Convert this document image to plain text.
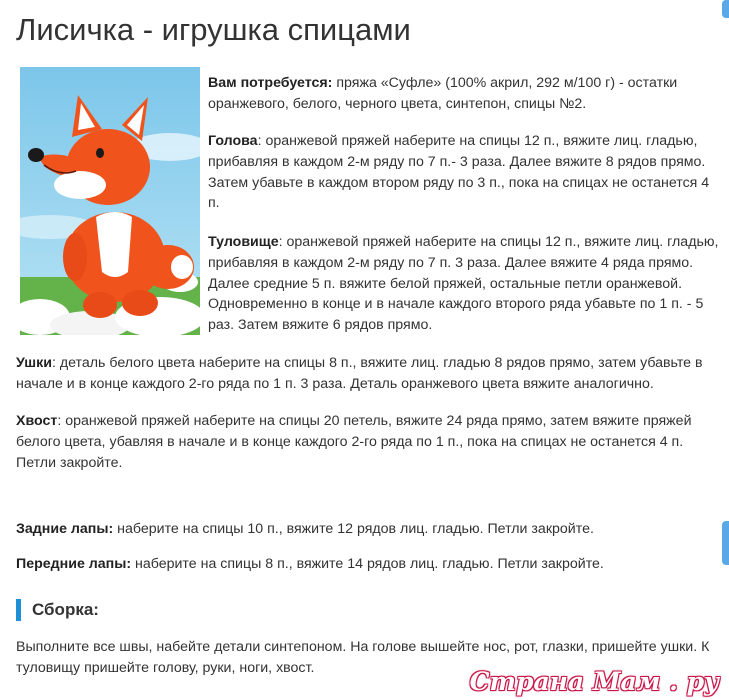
Лисичка - игрушка спицами

Вам потребуется: пряжа «Суфле» (100% акрил, 292 м/100 г) - остатки оранжевого, белого, черного цвета, синтепон, спицы №2.

Голова: оранжевой пряжей наберите на спицы 12 п., вяжите лиц. гладью, прибавляя в каждом 2-м ряду по 7 п.- 3 раза. Далее вяжите 8 рядов прямо. Затем убавьте в каждом втором ряду по 3 п., пока на спицах не останется 4 п.

Туловище: оранжевой пряжей наберите на спицы 12 п., вяжите лиц. гладью, прибавляя в каждом 2-м ряду по 7 п. 3 раза. Далее вяжите 4 ряда прямо. Далее средние 5 п. вяжите белой пряжей, остальные петли оранжевой. Одновременно в конце и в начале каждого второго ряда убавьте по 1 п. - 5 раз. Затем вяжите 6 рядов прямо.

Ушки: деталь белого цвета наберите на спицы 8 п., вяжите лиц. гладью 8 рядов прямо, затем убавьте в начале и в конце каждого 2-го ряда по 1 п. 3 раза. Деталь оранжевого цвета вяжите аналогично.

Хвост: оранжевой пряжей наберите на спицы 20 петель, вяжите 24 ряда прямо, затем вяжите пряжей белого цвета, убавляя в начале и в конце каждого 2-го ряда по 1 п., пока на спицах не останется 4 п. Петли закройте.

Задние лапы: наберите на спицы 10 п., вяжите 12 рядов лиц. гладью. Петли закройте.

Передние лапы: наберите на спицы 8 п., вяжите 14 рядов лиц. гладью. Петли закройте.

Сборка:

Выполните все швы, набейте детали синтепоном. На голове вышейте нос, рот, глазки, пришейте ушки. К туловищу пришейте голову, руки, ноги, хвост.	Страна Мам . ру
